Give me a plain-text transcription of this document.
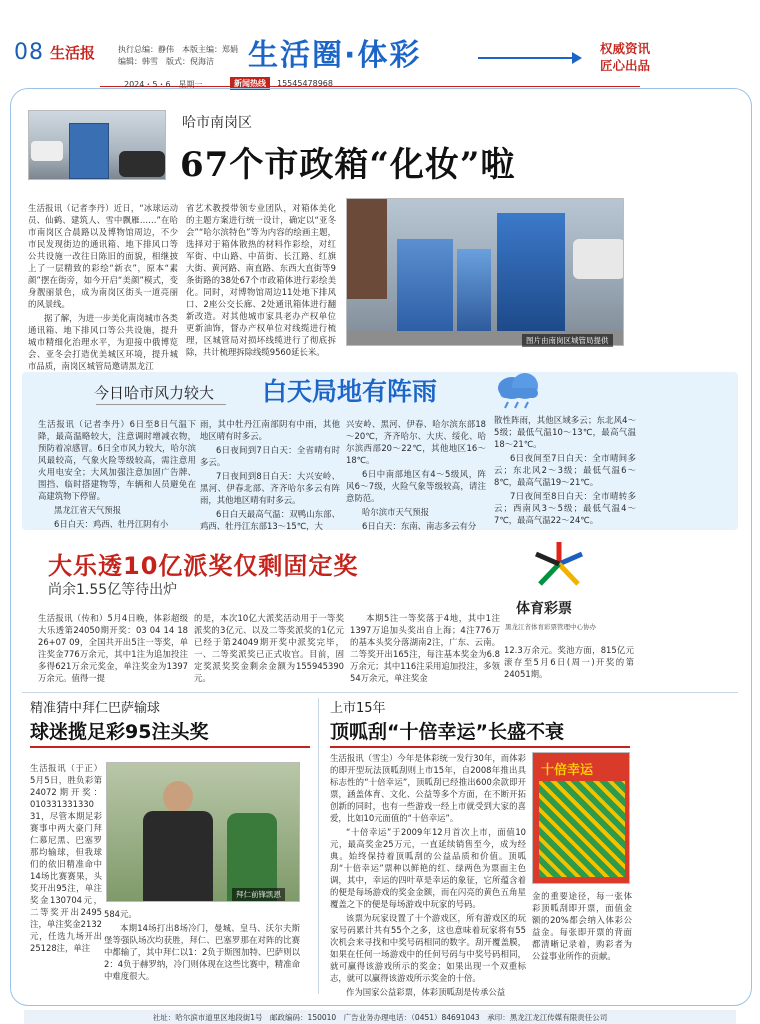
08 生活报	执行总编：静伟　本版主编：郑娟
编辑：韩雪　版式：倪海洁	生活圈·体彩	权威资讯
匠心出品
2024・5・6　星期一	新闻热线	15545478968
哈市南岗区
67个市政箱“化妆”啦

生活报讯（记者李丹）近日，“冰球运动员、仙鹤、建筑人、雪中飘雁……”在哈市南岗区合晨路以及博物馆周边，不少市民发现街边的通讯箱、地下排风口等公共设施一改往日陈旧的面貌，相继披上了一层精致的彩绘“新衣”，原本“素颜”摆在街旁，如今开启“美颜”模式，变身靓丽景色，成为南岗区街头一道亮丽的风景线。

据了解，为进一步美化南岗城市各类通讯箱、地下排风口等公共设施，提升城市精细化治理水平，为迎接中俄博览会、亚冬会打造优美城区环境，提升城市品质，南岗区城管局邀请黑龙江

省艺术教授带领专业团队，对箱体美化的主题方案进行统一设计，确定以“亚冬会”“哈尔滨特色”等为内容的绘画主题，选择对于箱体散热的材料作彩绘，对红军街、中山路、中苗街、长江路、红旗大街、黄河路、南直路、东西大直街等9条街路的38处67个市政箱体进行彩绘美化。同时，对博物馆周边11处地下排风口、2座公交长廊、2处通讯箱体进行翻新改造。对其他城市家具老办产权单位更新油饰，督办产权单位对线缆进行梳理，区城管局对损坏线缆进行了彻底拆除，共计梳理拆除线缆9560延长米。

图片由南岗区城管局提供
今日哈市风力较大 白天局地有阵雨

生活报讯（记者李丹）6日至8日气温下降，最高温略较大，注意调时增减衣物，预防着凉感冒。6日全市风力较大，哈尔滨风最较高，气象火险等级较高，需注意用火用电安全；大风加强注意加固广告牌、围挡、临时搭建物等，车辆和人员避免在高建筑物下停留。

黑龙江省天气预报

6日白天：鸡西、牡丹江阴有小

雨，其中牡丹江南部阴有中雨，其他地区晴有时多云。

6日夜间到7日白天：全省晴有时多云。

7日夜间到8日白天：大兴安岭、黑河、伊春北部、齐齐哈尔多云有阵雨，其他地区晴有时多云。

6日白天最高气温：双鸭山东部、鸡西、牡丹江东部13～15℃，大

兴安岭、黑河、伊春、哈尔滨东部18～20℃，齐齐哈尔、大庆、绥化、哈尔滨西部20～22℃，其他地区16～18℃。

6日中南部地区有4～5级风，阵风6～7级，火险气象等级较高，请注意防范。

哈尔滨市天气预报

6日白天：东南、南志多云有分

散性阵雨，其他区域多云；东北风4～5级；最低气温10～13℃，最高气温18～21℃。

6日夜间至7日白天：全市晴间多云；东北风2～3级；最低气温6～8℃，最高气温19～21℃。

7日夜间至8日白天：全市晴转多云；西南风3～5级；最低气温4～7℃，最高气温22～24℃。

大乐透10亿派奖仅剩固定奖
尚余1.55亿等待出炉
体育彩票
黑龙江省体育彩票管理中心协办

生活报讯（传和）5月4日晚，体彩超级大乐透第24050期开奖：03 04 14 18 26+07 09，全国共开出5注一等奖，单注奖金776万余元，其中1注为追加投注多得621万余元奖金，单注奖金为1397万余元。值得一提

的是，本次10亿大派奖活动用于一等奖派奖的3亿元、以及二等奖派奖的1亿元已经于第24049期开奖中派奖完毕，一、二等奖派奖已正式收官。目前，固定奖派奖奖金剩余金额为155945390元。

本期5注一等奖落于4地，其中1注1397万追加头奖出自上海；4注776万的基本头奖分落湖南2注，广东、云南。二等奖开出165注，每注基本奖金为6.8万余元；其中116注采用追加投注，多领54万余元，单注奖金

12.3万余元。奖池方面，815亿元滚存至5月6日(周一)开奖的第24051期。

精准猜中拜仁巴萨输球
球迷揽足彩95注头奖

生活报讯（于正）5月5日，胜负彩第24072期开奖：010331331330 31，尽管本期足彩赛事中两大豪门拜仁慕尼黑、巴塞罗那均输球，但我球们的依旧精准命中14场比赛赛果，头奖开出95注，单注奖金130704元，二等奖开出2495注，单注奖金2132元，任选九场开出25128注，单注

拜仁前锋凯恩

584元。

本期14场打出8场冷门，曼城、皇马、沃尔夫斯堡等强队场次均获胜，拜仁、巴塞罗那在对阵的比赛中都输了，其中拜仁以1：2负于斯图加特、巴萨则以2：4负于赫罗纳，冷门则体现在这些比赛中，精准命中难度很大。

上市15年
顶呱刮“十倍幸运”长盛不衰

生活报讯（雪尘）今年是体彩统一发行30年，而体彩的即开型玩法顶呱刮则上市15年，自2008年推出具标志性的“十倍幸运”，顶呱刮已经推出600余款即开票，涵盖体育、文化、公益等多个方面，在不断开拓创新的同时，也有一些游戏一经上市就受到大家的喜爱，比如10元面值的“十倍幸运”。

“十倍幸运”于2009年12月首次上市，面值10元，最高奖金25万元，一直延续销售至今，成为经典。始终保持着顶呱刮的公益品质和价值。顶呱刮“十倍幸运”票种以鲜艳的红、绿两色为票面主色调，其中，幸运的四叶草是幸运的象征，它所蕴含着的便是每场游戏的奖金金额，而在闪亮的黄色五角星覆盖之下的便是每场游戏中玩家的号码。

该票为玩家设置了十个游戏区，所有游戏区的玩家号码累计共有55个之多，这也意味着玩家将有55次机会来寻找和中奖号码相同的数字。刮开覆盖膜，如果在任何一场游戏中的任何号码与中奖号码相同，就可赢得该游戏所示的奖金；如果出现一个双重标志，就可以赢得该游戏所示奖金的十倍。

作为国家公益彩票，体彩顶呱刮是传承公益

十倍幸运

金的重要途径，每一张体彩顶呱刮即开票，面值金额的20%都会纳入体彩公益金。每张即开票的背面都清晰记录着，购彩者为公益事业所作的贡献。

社址：哈尔滨市道里区地段街1号　邮政编码：150010　广告业务办理电话：（0451）84691043　承印：黑龙江龙江传媒有限责任公司
